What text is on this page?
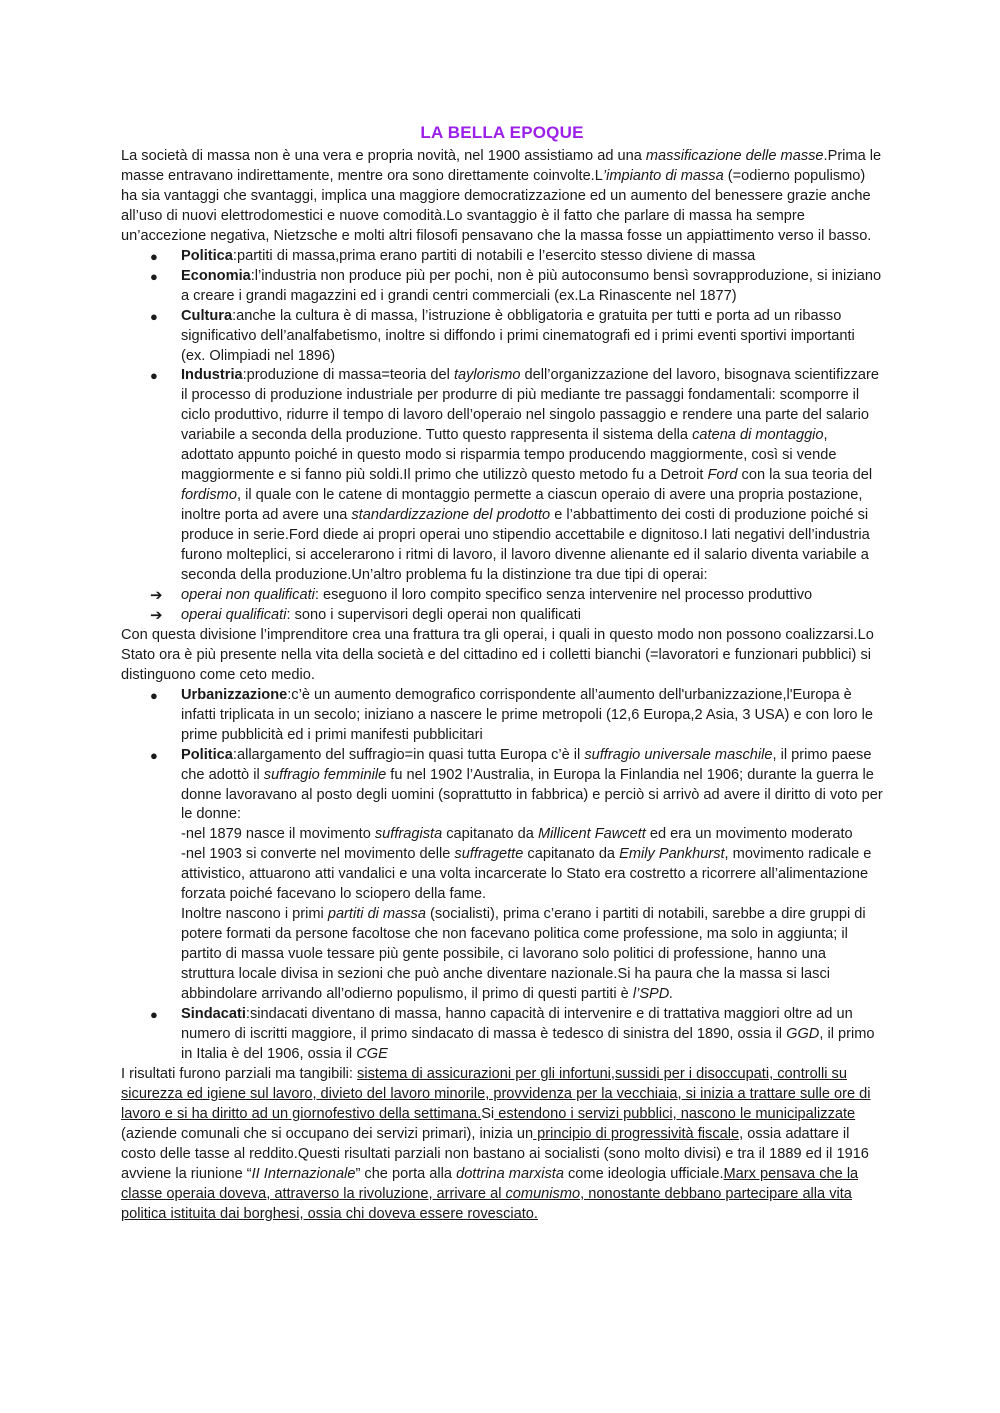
LA BELLA EPOQUE

La società di massa non è una vera e propria novità, nel 1900 assistiamo ad una massificazione delle masse.Prima le masse entravano indirettamente, mentre ora sono direttamente coinvolte.L’impianto di massa (=odierno populismo) ha sia vantaggi che svantaggi, implica una maggiore democratizzazione ed un aumento del benessere grazie anche all’uso di nuovi elettrodomestici e nuove comodità.Lo svantaggio è il fatto che parlare di massa ha sempre un’accezione negativa, Nietzsche e molti altri filosofi pensavano che la massa fosse un appiattimento verso il basso.

●	Politica:partiti di massa,prima erano partiti di notabili e l’esercito stesso diviene di massa
●	Economia:l’industria non produce più per pochi, non è più autoconsumo bensì sovrapproduzione, si iniziano a creare i grandi magazzini ed i grandi centri commerciali (ex.La Rinascente nel 1877)
●	Cultura:anche la cultura è di massa, l’istruzione è obbligatoria e gratuita per tutti e porta ad un ribasso significativo dell’analfabetismo, inoltre si diffondo i primi cinematografi ed i primi eventi sportivi importanti (ex. Olimpiadi nel 1896)
●	Industria:produzione di massa=teoria del taylorismo dell’organizzazione del lavoro, bisognava scientifizzare il processo di produzione industriale per produrre di più mediante tre passaggi fondamentali: scomporre il ciclo produttivo, ridurre il tempo di lavoro dell’operaio nel singolo passaggio e rendere una parte del salario variabile a seconda della produzione. Tutto questo rappresenta il sistema della catena di montaggio, adottato appunto poiché in questo modo si risparmia tempo producendo maggiormente, così si vende maggiormente e si fanno più soldi.Il primo che utilizzò questo metodo fu a Detroit Ford con la sua teoria del fordismo, il quale con le catene di montaggio permette a ciascun operaio di avere una propria postazione, inoltre porta ad avere una standardizzazione del prodotto e l’abbattimento dei costi di produzione poiché si produce in serie.Ford diede ai propri operai uno stipendio accettabile e dignitoso.I lati negativi dell’industria furono molteplici, si accelerarono i ritmi di lavoro, il lavoro divenne alienante ed il salario diventa variabile a seconda della produzione.Un’altro problema fu la distinzione tra due tipi di operai:
➔	operai non qualificati: eseguono il loro compito specifico senza intervenire nel processo produttivo
➔	operai qualificati: sono i supervisori degli operai non qualificati

Con questa divisione l’imprenditore crea una frattura tra gli operai, i quali in questo modo non possono coalizzarsi.Lo Stato ora è più presente nella vita della società e del cittadino ed i colletti bianchi (=lavoratori e funzionari pubblici) si distinguono come ceto medio.

●	Urbanizzazione:c’è un aumento demografico corrispondente all’aumento dell'urbanizzazione,l'Europa è infatti triplicata in un secolo; iniziano a nascere le prime metropoli (12,6 Europa,2 Asia, 3 USA) e con loro le prime pubblicità ed i primi manifesti pubblicitari
●	Politica:allargamento del suffragio=in quasi tutta Europa c’è il suffragio universale maschile, il primo paese che adottò il suffragio femminile fu nel 1902 l’Australia, in Europa la Finlandia nel 1906; durante la guerra le donne lavoravano al posto degli uomini (soprattutto in fabbrica) e perciò si arrivò ad avere il diritto di voto per le donne:
-nel 1879 nasce il movimento suffragista capitanato da Millicent Fawcett ed era un movimento moderato
-nel 1903 si converte nel movimento delle suffragette capitanato da Emily Pankhurst, movimento radicale e attivistico, attuarono atti vandalici e una volta incarcerate lo Stato era costretto a ricorrere all’alimentazione forzata poiché facevano lo sciopero della fame.
Inoltre nascono i primi partiti di massa (socialisti), prima c’erano i partiti di notabili, sarebbe a dire gruppi di potere formati da persone facoltose che non facevano politica come professione, ma solo in aggiunta; il partito di massa vuole tessare più gente possibile, ci lavorano solo politici di professione, hanno una struttura locale divisa in sezioni che può anche diventare nazionale.Si ha paura che la massa si lasci abbindolare arrivando all’odierno populismo, il primo di questi partiti è l’SPD.
●	Sindacati:sindacati diventano di massa, hanno capacità di intervenire e di trattativa maggiori oltre ad un numero di iscritti maggiore, il primo sindacato di massa è tedesco di sinistra del 1890, ossia il GGD, il primo in Italia è del 1906, ossia il CGE

I risultati furono parziali ma tangibili: sistema di assicurazioni per gli infortuni,sussidi per i disoccupati, controlli su sicurezza ed igiene sul lavoro, divieto del lavoro minorile, provvidenza per la vecchiaia, si inizia a trattare sulle ore di lavoro e si ha diritto ad un giornofestivo della settimana.Si estendono i servizi pubblici, nascono le municipalizzate (aziende comunali che si occupano dei servizi primari), inizia un principio di progressività fiscale, ossia adattare il costo delle tasse al reddito.Questi risultati parziali non bastano ai socialisti (sono molto divisi) e tra il 1889 ed il 1916 avviene la riunione “II Internazionale” che porta alla dottrina marxista come ideologia ufficiale.Marx pensava che la classe operaia doveva, attraverso la rivoluzione, arrivare al comunismo, nonostante debbano partecipare alla vita politica istituita dai borghesi, ossia chi doveva essere rovesciato.
